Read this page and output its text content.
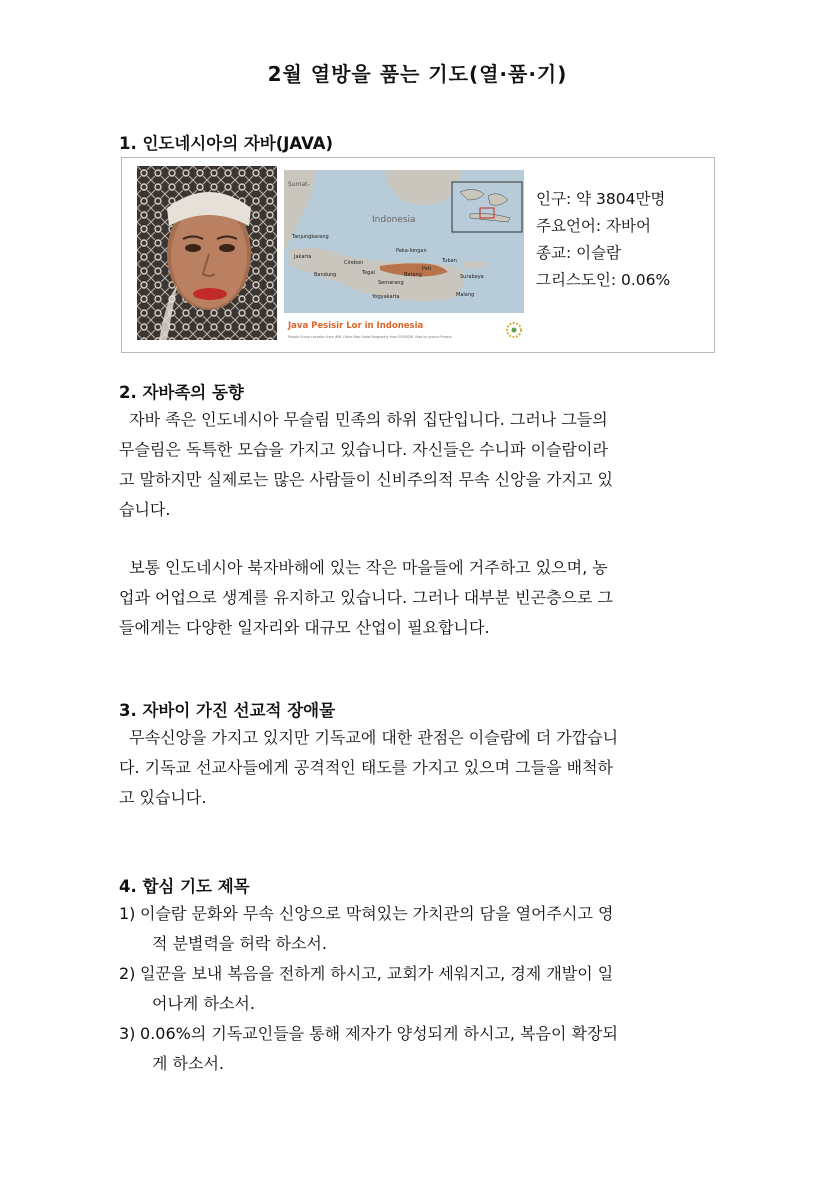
2월 열방을 품는 기도(열·품·기)
1. 인도네시아의 자바(JAVA)
Sumat-
Indonesia
Tanjungkarang
Jakarta
Cirebon
Peka-longan
Bandung	Tegal
Semarang
Pati
Tuban
Surabaya
Yogyakarta	Malang
Batang
Java Pesisir Lor in Indonesia
People Group Location from IMB. Other Map Data/Geography from ESRI/GMI. Map by Joshua Project.
인구: 약 3804만명
주요언어: 자바어
종교: 이슬람
그리스도인: 0.06%
2. 자바족의 동향
자바 족은 인도네시아 무슬림 민족의 하위 집단입니다. 그러나 그들의
무슬림은 독특한 모습을 가지고 있습니다. 자신들은 수니파 이슬람이라
고 말하지만 실제로는 많은 사람들이 신비주의적 무속 신앙을 가지고 있
습니다.
보통 인도네시아 북자바해에 있는 작은 마을들에 거주하고 있으며, 농
업과 어업으로 생계를 유지하고 있습니다. 그러나 대부분 빈곤층으로 그
들에게는 다양한 일자리와 대규모 산업이 필요합니다.
3. 자바이 가진 선교적 장애물
무속신앙을 가지고 있지만 기독교에 대한 관점은 이슬람에 더 가깝습니
다. 기독교 선교사들에게 공격적인 태도를 가지고 있으며 그들을 배척하
고 있습니다.
4. 합심 기도 제목
1) 이슬람 문화와 무속 신앙으로 막혀있는 가치관의 담을 열어주시고 영
적 분별력을 허락 하소서.
2) 일꾼을 보내 복음을 전하게 하시고, 교회가 세워지고, 경제 개발이 일
어나게 하소서.
3) 0.06%의 기독교인들을 통해 제자가 양성되게 하시고, 복음이 확장되
게 하소서.
